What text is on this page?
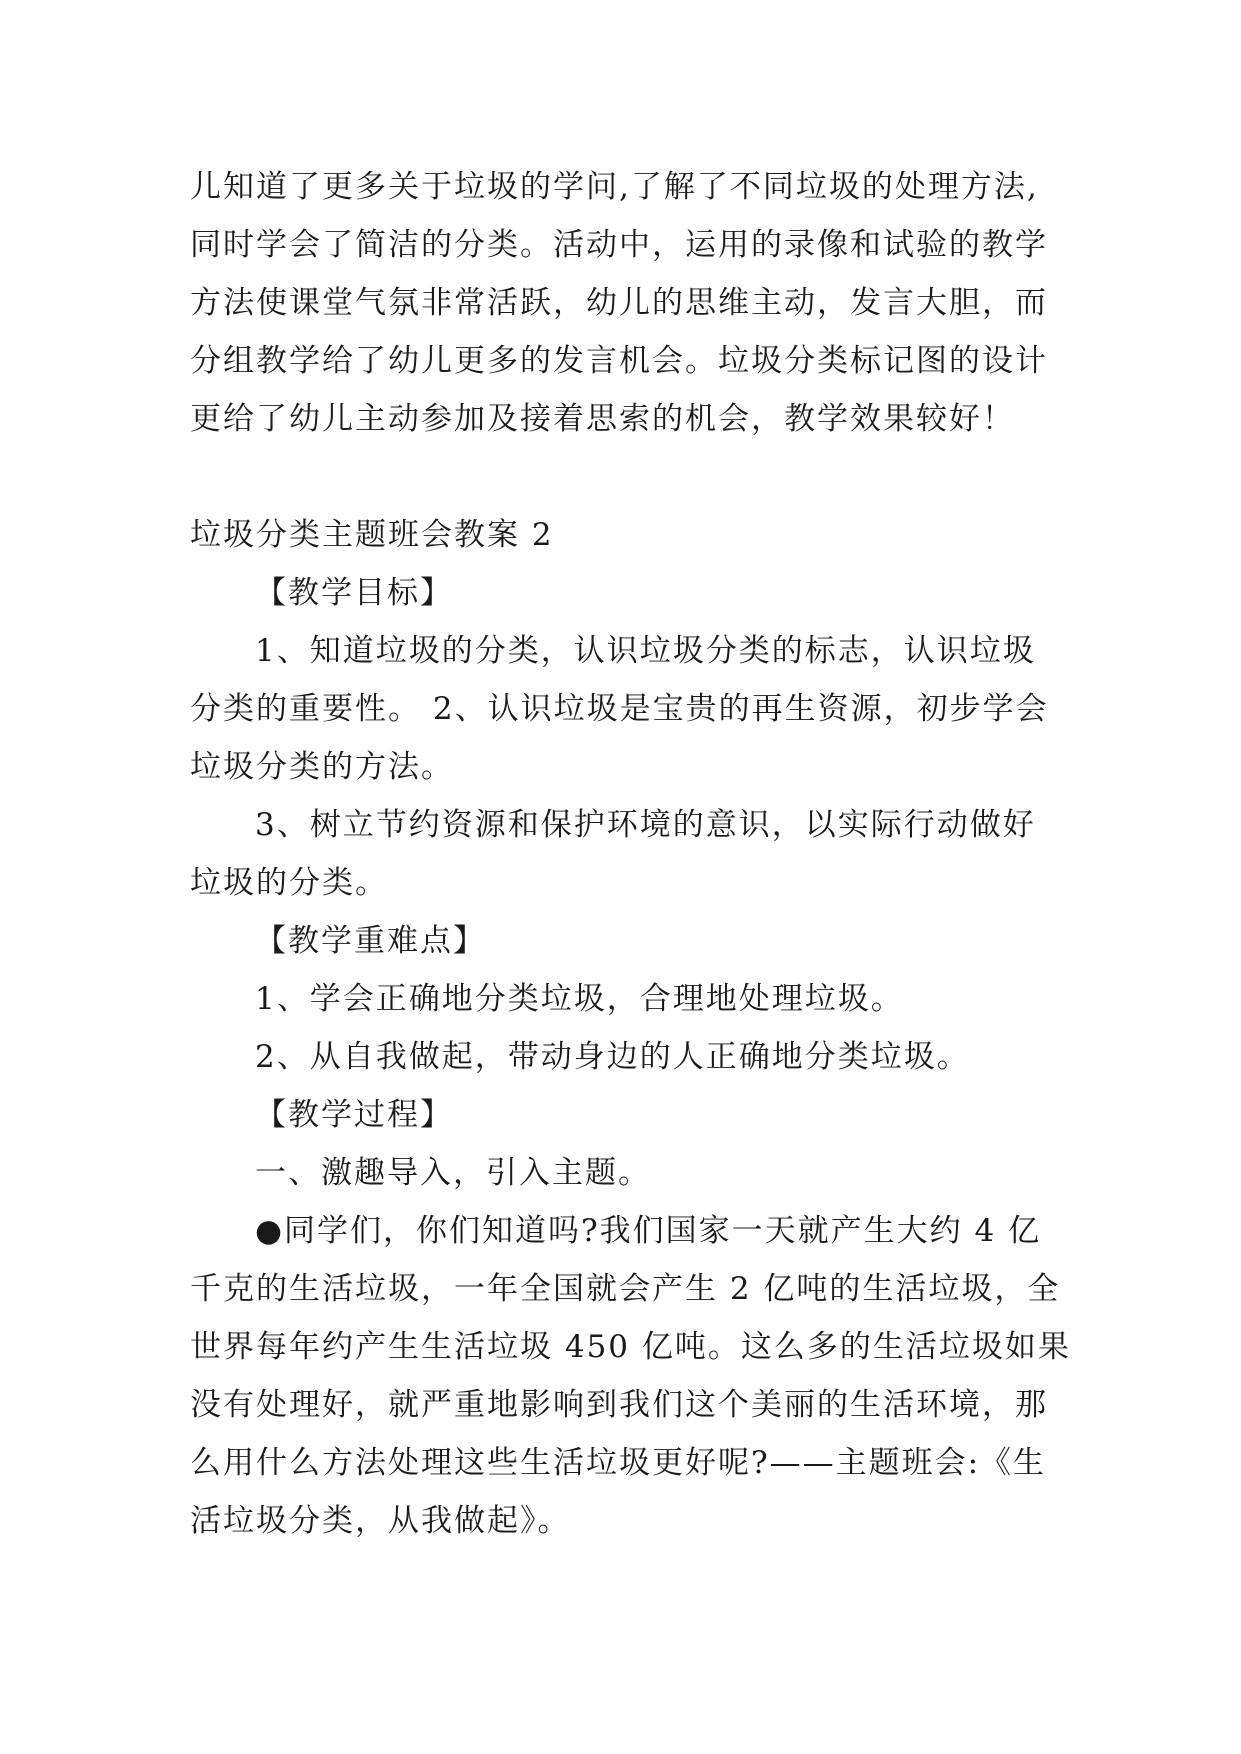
儿知道了更多关于垃圾的学问,了解了不同垃圾的处理方法,
同时学会了简洁的分类。活动中，运用的录像和试验的教学
方法使课堂气氛非常活跃，幼儿的思维主动，发言大胆，而
分组教学给了幼儿更多的发言机会。垃圾分类标记图的设计
更给了幼儿主动参加及接着思索的机会，教学效果较好！
垃圾分类主题班会教案 2
【教学目标】
1、知道垃圾的分类，认识垃圾分类的标志，认识垃圾
分类的重要性。 2、认识垃圾是宝贵的再生资源，初步学会
垃圾分类的方法。
3、树立节约资源和保护环境的意识，以实际行动做好
垃圾的分类。
【教学重难点】
1、学会正确地分类垃圾，合理地处理垃圾。
2、从自我做起，带动身边的人正确地分类垃圾。
【教学过程】
一、激趣导入，引入主题。
●同学们，你们知道吗?我们国家一天就产生大约 4 亿
千克的生活垃圾，一年全国就会产生 2 亿吨的生活垃圾，全
世界每年约产生生活垃圾 450 亿吨。这么多的生活垃圾如果
没有处理好，就严重地影响到我们这个美丽的生活环境，那
么用什么方法处理这些生活垃圾更好呢?——主题班会:《生
活垃圾分类，从我做起》。
